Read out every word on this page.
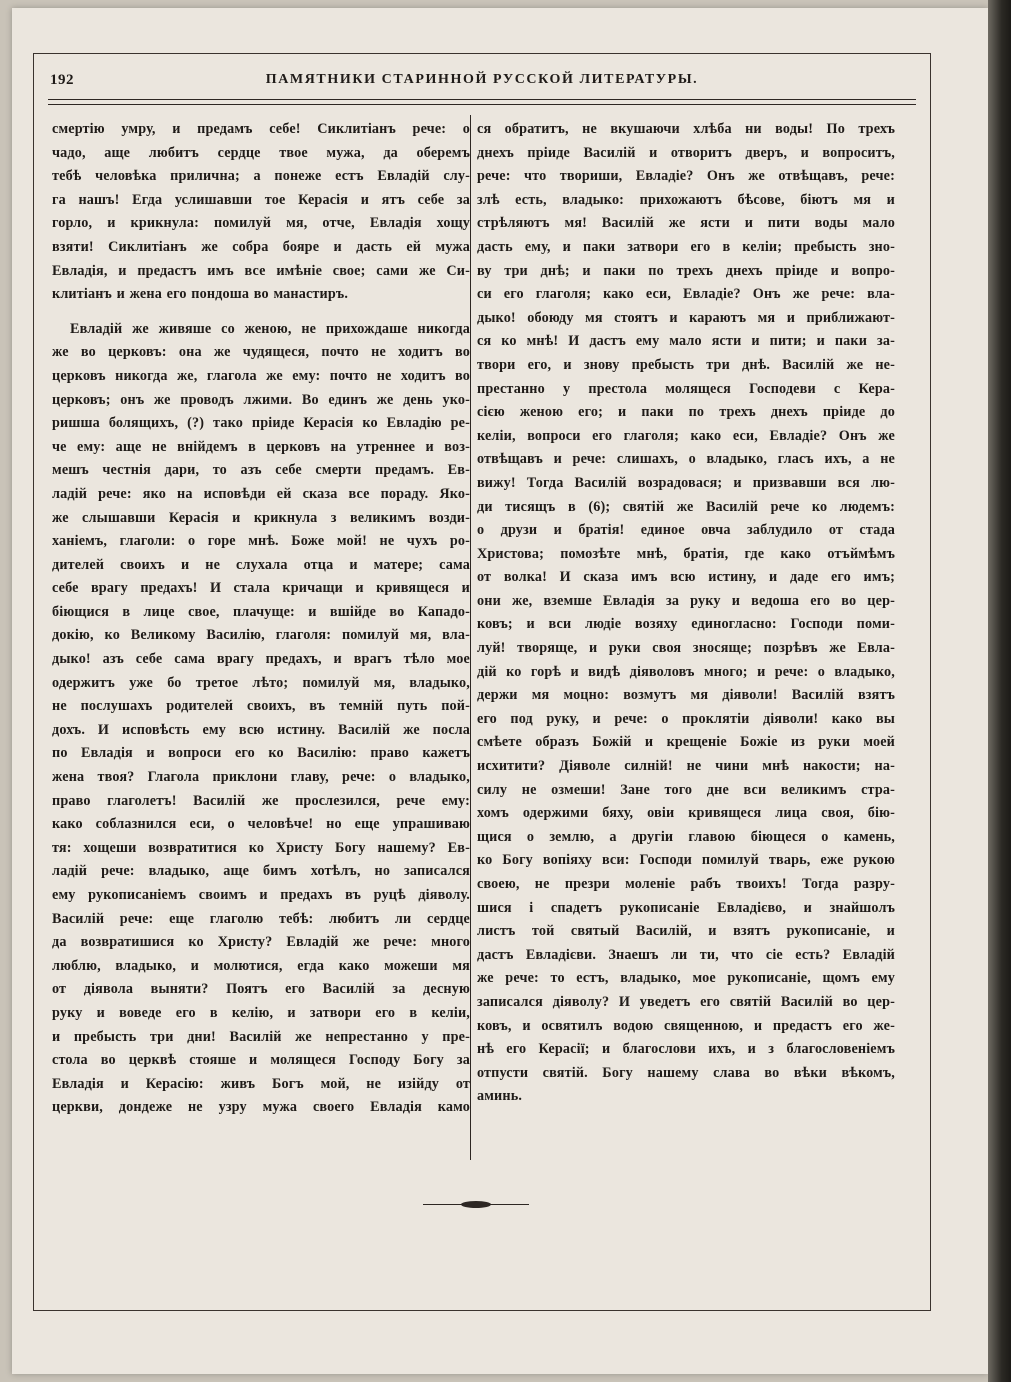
192	ПАМЯТНИКИ СТАРИННОЙ РУССКОЙ ЛИТЕРАТУРЫ.
смертію умру, и предамъ себе! Сиклитіанъ рече: о
чадо, аще любитъ сердце твое мужа, да оберемъ
тебѣ человѣка прилична; а понеже естъ Евладій слу-
га нашъ! Егда услишавши тое Керасія и ятъ себе за
горло, и крикнула: помилуй мя, отче, Евладія хощу
взяти! Сиклитіанъ же собра бояре и дасть ей мужа
Евладія, и предастъ имъ все имѣніе свое; сами же Си-
клитіанъ и жена его пондоша во манастиръ.
Евладій же живяше со женою, не прихождаше никогда
же во церковъ: она же чудящеся, почто не ходитъ во
церковъ никогда же, глагола же ему: почто не ходитъ во
церковъ; онъ же проводъ лжими. Во единъ же день уко-
ришша болящихъ, (?) тако пріиде Керасія ко Евладію ре-
че ему: аще не внійдемъ в церковъ на утреннее и воз-
мешъ честнія дари, то азъ себе смерти предамъ. Ев-
ладій рече: яко на исповѣди ей сказа все пораду. Яко-
же слышавши Керасія и крикнула з великимъ возди-
ханіемъ, глаголи: о горе мнѣ. Боже мой! не чухъ ро-
дителей своихъ и не слухала отца и матере; сама
себе врагу предахъ! И стала кричащи и кривящеся и
біющися в лице свое, плачуще: и вшійде во Кападо-
докію, ко Великому Василію, глаголя: помилуй мя, вла-
дыко! азъ себе сама врагу предахъ, и врагъ тѣло мое
одержитъ уже бо третое лѣто; помилуй мя, владыко,
не послушахъ родителей своихъ, въ темній путь пой-
дохъ. И исповѣсть ему всю истину. Василій же посла
по Евладія и вопроси его ко Василію: право кажетъ
жена твоя? Глагола приклони главу, рече: о владыко,
право глаголетъ! Василій же прослезился, рече ему:
како соблазнился еси, о человѣче! но еще упрашиваю
тя: хощеши возвратитися ко Христу Богу нашему? Ев-
ладій рече: владыко, аще бимъ хотѣлъ, но записался
ему рукописаніемъ своимъ и предахъ въ руцѣ діяволу.
Василій рече: еще глаголю тебѣ: любитъ ли сердце
да возвратишися ко Христу? Евладій же рече: много
люблю, владыко, и молютися, егда како можеши мя
от діявола выняти? Поятъ его Василій за десную
руку и воведе его в келію, и затвори его в келіи,
и пребысть три дни! Василій же непрестанно у пре-
стола во церквѣ стояше и молящеся Господу Богу за
Евладія и Керасію: живъ Богъ мой, не изійду от
церкви, дондеже не узру мужа своего Евладія камо
ся обратитъ, не вкушаючи хлѣба ни воды! По трехъ
днехъ пріиде Василій и отворитъ дверъ, и вопроситъ,
рече: что твориши, Евладіе? Онъ же отвѣщавъ, рече:
злѣ есть, владыко: прихожаютъ бѣсове, біютъ мя и
стрѣляютъ мя! Василій же ясти и пити воды мало
дасть ему, и паки затвори его в келіи; пребысть зно-
ву три днѣ; и паки по трехъ днехъ пріиде и вопро-
си его глаголя; како еси, Евладіе? Онъ же рече: вла-
дыко! обоюду мя стоятъ и караютъ мя и приближают-
ся ко мнѣ! И дастъ ему мало ясти и пити; и паки за-
твори его, и знову пребысть три днѣ. Василій же не-
престанно у престола молящеся Господеви с Кера-
сією женою его; и паки по трехъ днехъ пріиде до
келіи, вопроси его глаголя; како еси, Евладіе? Онъ же
отвѣщавъ и рече: слишахъ, о владыко, гласъ ихъ, а не
вижу! Тогда Василій возрадовася; и призвавши вся лю-
ди тисящъ в (6); святій же Василій рече ко людемъ:
о друзи и братія! единое овча заблудило от стада
Христова; помозѣте мнѣ, братія, где како отъймѣмъ
от волка! И сказа имъ всю истину, и даде его имъ;
они же, вземше Евладія за руку и ведоша его во цер-
ковъ; и вси людіе возяху единогласно: Господи поми-
луй! творяще, и руки своя зносяще; позрѣвъ же Евла-
дій ко горѣ и видѣ діяволовъ много; и рече: о владыко,
держи мя моцно: возмутъ мя діяволи! Василій взятъ
его под руку, и рече: о проклятіи діяволи! како вы
смѣете образъ Божій и крещеніе Божіе из руки моей
исхитити? Діяволе силній! не чини мнѣ накости; на-
силу не озмеши! Зане того дне вси великимъ стра-
хомъ одержими бяху, овіи кривящеся лица своя, бію-
щися о землю, а другіи главою біющеся о камень,
ко Богу вопіяху вси: Господи помилуй тварь, еже рукою
своею, не презри моленіе рабъ твоихъ! Тогда разру-
шися і спадетъ рукописаніе Евладієво, и знайшолъ
листъ той святый Василій, и взятъ рукописаніе, и
дастъ Евладієви. Знаешъ ли ти, что сіе есть? Евладій
же рече: то естъ, владыко, мое рукописаніе, щомъ ему
записался діяволу? И уведетъ его святій Василій во цер-
ковъ, и освятилъ водою священною, и предастъ его же-
нѣ его Керасії; и благослови ихъ, и з благословеніемъ
отпусти святій. Богу нашему слава во вѣки вѣкомъ,
аминь.
